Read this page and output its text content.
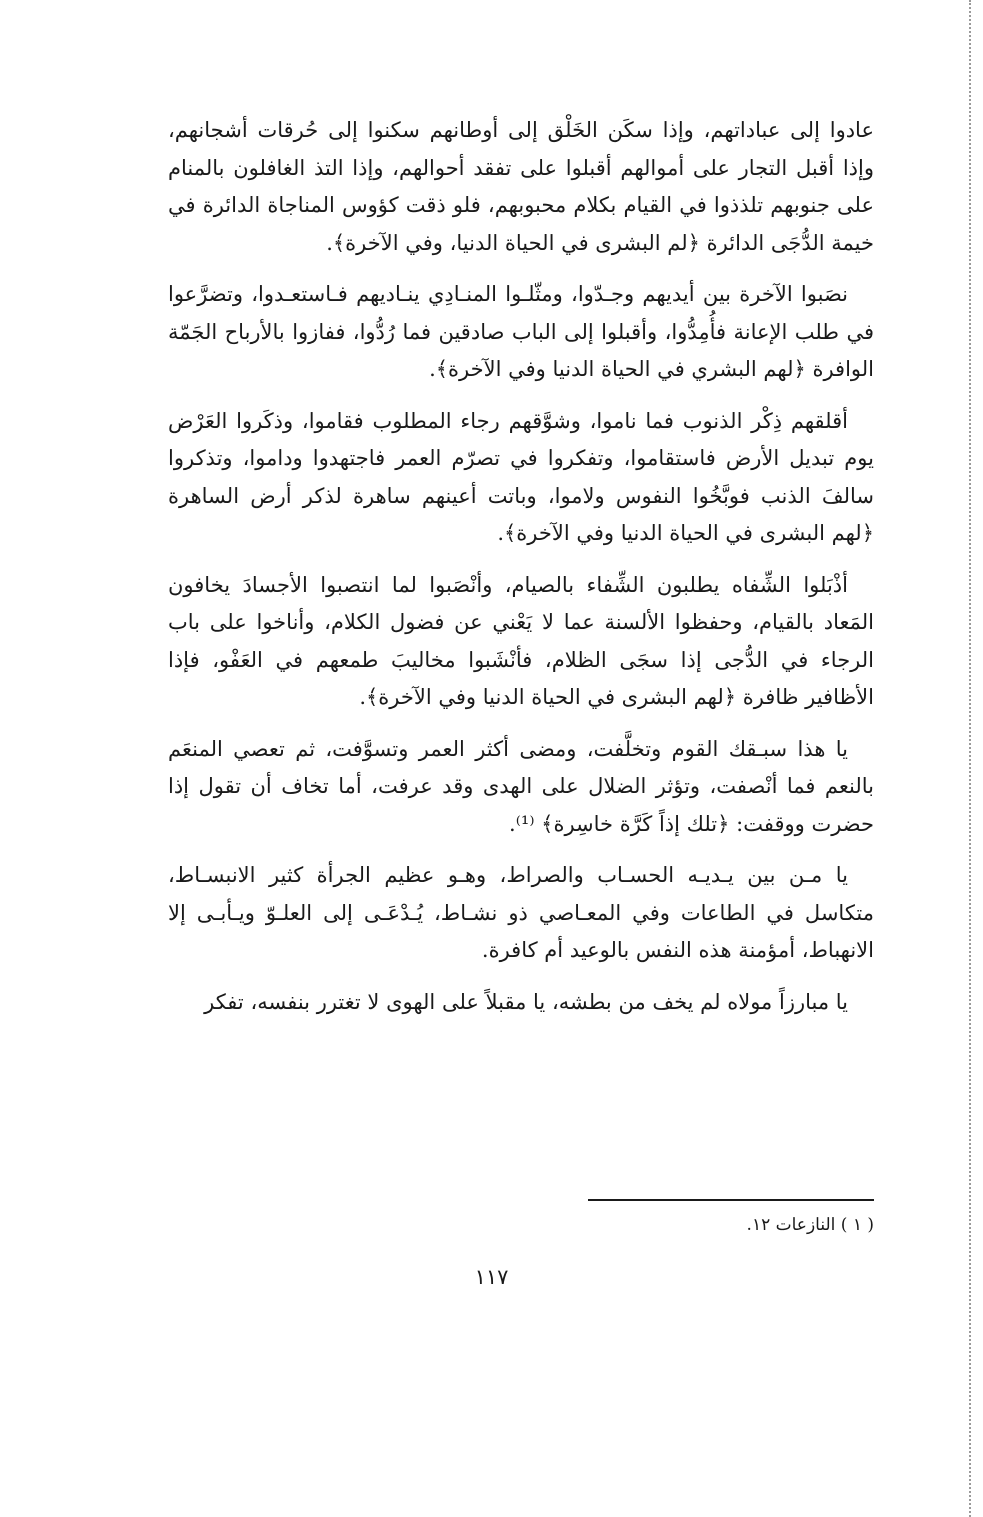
عادوا إلى عباداتهم، وإذا سكَن الخَلْق إلى أوطانهم سكنوا إلى حُرقات أشجانهم، وإذا أقبل التجار على أموالهم أقبلوا على تفقد أحوالهم، وإذا التذ الغافلون بالمنام على جنوبهم تلذذوا في القيام بكلام محبوبهم، فلو ذقت كؤوس المناجاة الدائرة في خيمة الدُّجَى الدائرة ﴿لم البشرى في الحياة الدنيا، وفي الآخرة﴾.

نصَبوا الآخرة بين أيديهم وجـدّوا، ومثّلـوا المنـادِي ينـاديهم فـاستعـدوا، وتضرَّعوا في طلب الإعانة فأُمِدُّوا، وأقبلوا إلى الباب صادقين فما رُدُّوا، ففازوا بالأرباح الجَمّة الوافرة ﴿لهم البشري في الحياة الدنيا وفي الآخرة﴾.

أقلقهم ذِكْر الذنوب فما ناموا، وشوَّقهم رجاء المطلوب فقاموا، وذكَروا العَرْض يوم تبديل الأرض فاستقاموا، وتفكروا في تصرّم العمر فاجتهدوا وداموا، وتذكروا سالفَ الذنب فوبَّخُوا النفوس ولاموا، وباتت أعينهم ساهرة لذكر أرض الساهرة ﴿لهم البشرى في الحياة الدنيا وفي الآخرة﴾.

أذْبَلوا الشِّفاه يطلبون الشِّفاء بالصيام، وأنْصَبوا لما انتصبوا الأجسادَ يخافون المَعاد بالقيام، وحفظوا الألسنة عما لا يَعْني عن فضول الكلام، وأناخوا على باب الرجاء في الدُّجى إذا سجَى الظلام، فأنْشَبوا مخاليبَ طمعهم في العَفْو، فإذا الأظافير ظافرة ﴿لهم البشرى في الحياة الدنيا وفي الآخرة﴾.

يا هذا سبـقك القوم وتخلَّفت، ومضى أكثر العمر وتسوَّفت، ثم تعصي المنعَم بالنعم فما أنْصفت، وتؤثر الضلال على الهدى وقد عرفت، أما تخاف أن تقول إذا حضرت ووقفت: ﴿تلك إذاً كَرَّة خاسِرة﴾ ⁽¹⁾.

يا مـن بين يـديـه الحسـاب والصراط، وهـو عظيم الجرأة كثير الانبسـاط، متكاسل في الطاعات وفي المعـاصي ذو نشـاط، يُـدْعَـى إلى العلـوّ ويـأبـى إلا الانهباط، أمؤمنة هذه النفس بالوعيد أم كافرة.

يا مبارزاً مولاه لم يخف من بطشه، يا مقبلاً على الهوى لا تغترر بنفسه، تفكر

( ١ ) النازعات ١٢.
١١٧
